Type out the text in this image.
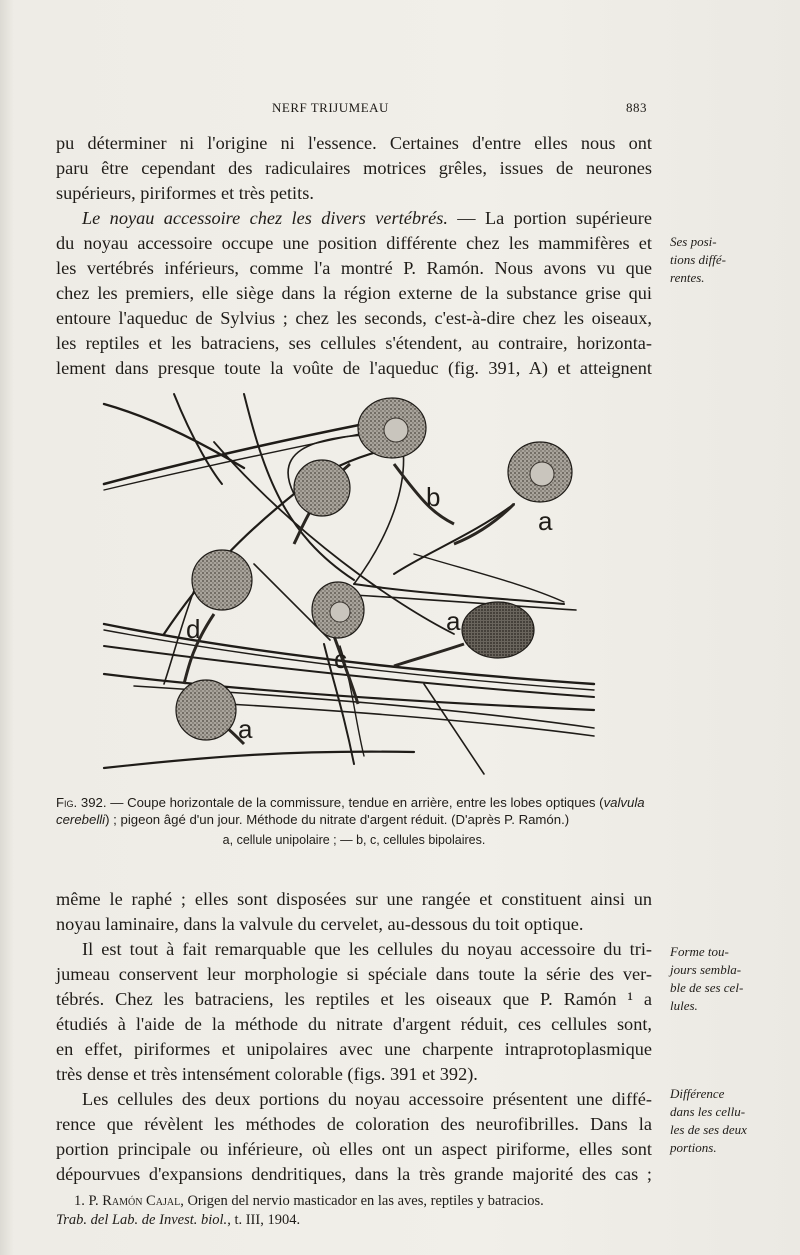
NERF TRIJUMEAU	883
pu déterminer ni l'origine ni l'essence. Certaines d'entre elles nous ont
paru être cependant des radiculaires motrices grêles, issues de neurones
supérieurs, piriformes et très petits.
Le noyau accessoire chez les divers vertébrés. — La portion supérieure
du noyau accessoire occupe une position différente chez les mammifères et
les vertébrés inférieurs, comme l'a montré P. Ramón. Nous avons vu que
chez les premiers, elle siège dans la région externe de la substance grise qui
entoure l'aqueduc de Sylvius ; chez les seconds, c'est-à-dire chez les oiseaux,
les reptiles et les batraciens, ses cellules s'étendent, au contraire, horizonta-
lement dans presque toute la voûte de l'aqueduc (fig. 391, A) et atteignent
Ses posi-
tions diffé-
rentes.
b
a
d	a
c
a
Fig. 392. — Coupe horizontale de la commissure, tendue en arrière, entre les lobes optiques (valvula cerebelli) ; pigeon âgé d'un jour. Méthode du nitrate d'argent réduit. (D'après P. Ramón.)
a, cellule unipolaire ; — b, c, cellules bipolaires.
même le raphé ; elles sont disposées sur une rangée et constituent ainsi un
noyau laminaire, dans la valvule du cervelet, au-dessous du toit optique.
Il est tout à fait remarquable que les cellules du noyau accessoire du tri-
jumeau conservent leur morphologie si spéciale dans toute la série des ver-
tébrés. Chez les batraciens, les reptiles et les oiseaux que P. Ramón ¹ a
étudiés à l'aide de la méthode du nitrate d'argent réduit, ces cellules sont,
en effet, piriformes et unipolaires avec une charpente intraprotoplasmique
très dense et très intensément colorable (figs. 391 et 392).
Les cellules des deux portions du noyau accessoire présentent une diffé-
rence que révèlent les méthodes de coloration des neurofibrilles. Dans la
portion principale ou inférieure, où elles ont un aspect piriforme, elles sont
dépourvues d'expansions dendritiques, dans la très grande majorité des cas ;
Forme tou-
jours sembla-
ble de ses cel-
lules.
Différence
dans les cellu-
les de ses deux
portions.
1. P. Ramón Cajal, Origen del nervio masticador en las aves, reptiles y batracios.
Trab. del Lab. de Invest. biol., t. III, 1904.
